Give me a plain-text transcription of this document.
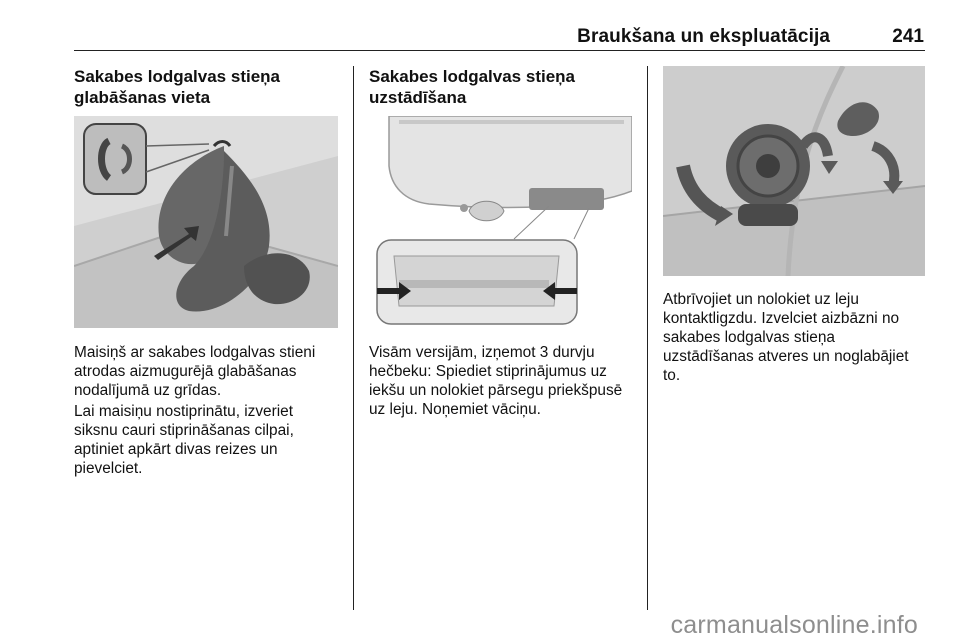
Braukšana un ekspluatācija	241
Sakabes lodgalvas stieņa
glabāšanas vieta
Maisiņš ar sakabes lodgalvas stieni
atrodas aizmugurējā glabāšanas
nodalījumā uz grīdas.
Lai maisiņu nostiprinātu, izveriet
siksnu cauri stiprināšanas cilpai,
aptiniet apkārt divas reizes un
pievelciet.
Sakabes lodgalvas stieņa
uzstādīšana
Visām versijām, izņemot 3 durvju
hečbeku: Spiediet stiprinājumus uz
iekšu un nolokiet pārsegu priekšpusē
uz leju. Noņemiet vāciņu.
Atbrīvojiet un nolokiet uz leju
kontaktligzdu. Izvelciet aizbāzni no
sakabes lodgalvas stieņa
uzstādīšanas atveres un noglabājiet
to.
carmanualsonline.info
